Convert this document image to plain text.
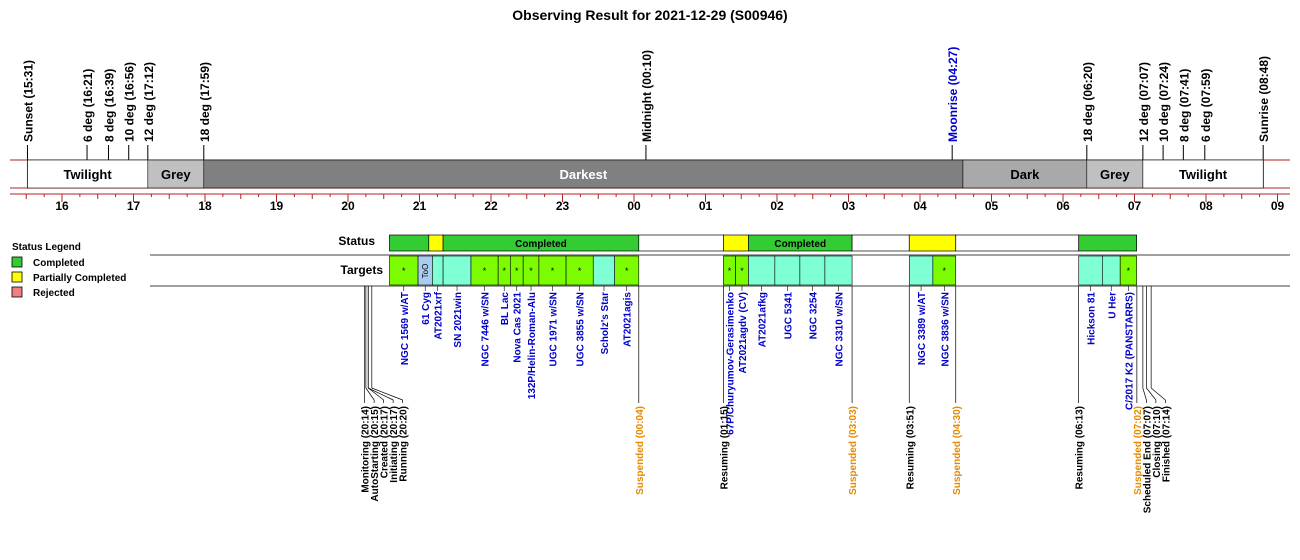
Observing Result for 2021-12-29 (S00946)
Sunset (15:31)	6 deg (16:21) 8 deg (16:39) 10 deg (16:56) 12 deg (17:12)	18 deg (17:59)	Midnight (00:10)	Moonrise (04:27)	18 deg (06:20)	12 deg (07:07) 10 deg (07:24) 8 deg (07:41) 6 deg (07:59)	Sunrise (08:48)
Twilight	Grey	Darkest	Dark	Grey	Twilight
16	17	18	19	20	21	22	23	00	01	02	03	04	05	06	07	08	09
Status Legend
Completed
Partially Completed
Rejected
Status
Targets
Completed	Completed
*
NGC 1569 w/AT
ToO
61 Cyg AT2021xrf SN 2021win
*
NGC 7446 w/SN
*
BL Lac
*
Nova Cas 2021
*
132P/Helin-Roman-Alu
*
UGC 1971 w/SN
*
UGC 3855 w/SN Scholz's Star
*
AT2021agis
*
67P/Churyumov-Gerasimenko
*
AT2021agdv (CV) AT2021afkg UGC 5341 NGC 3254 NGC 3310 w/SN	NGC 3389 w/AT
*
NGC 3836 w/SN	Hickson 81 U Her
*
C/2017 K2 (PANSTARRS)
Monitoring (20:14)
AutoStarting (20:15)
Created (20:17)
Initiating (20:17)
Running (20:20)	Suspended (00:04)	Resuming (01:15)	Suspended (03:03)	Resuming (03:51)	Suspended (04:30)	Resuming (06:13)	Suspended (07:02)
Scheduled End (07:07)
Closing (07:10)
Finished (07:14)
